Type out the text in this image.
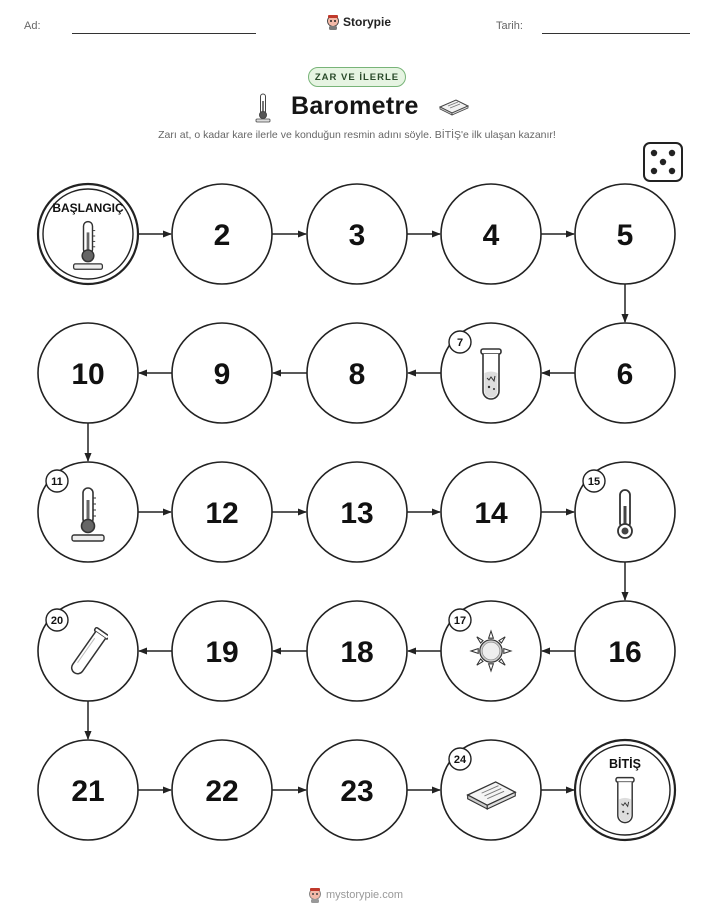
Ad:	Storypie	Tarih:
ZAR VE İLERLE
Barometre
Zarı at, o kadar kare ilerle ve konduğun resmin adını söyle. BİTİŞ'e ilk ulaşan kazanır!
BAŞLANGIÇ
2	3	4	5
6
7
8
9
10
11
12	13	14
15
16
17
18
19
20
21	22	23
24	BİTİŞ
mystorypie.com
